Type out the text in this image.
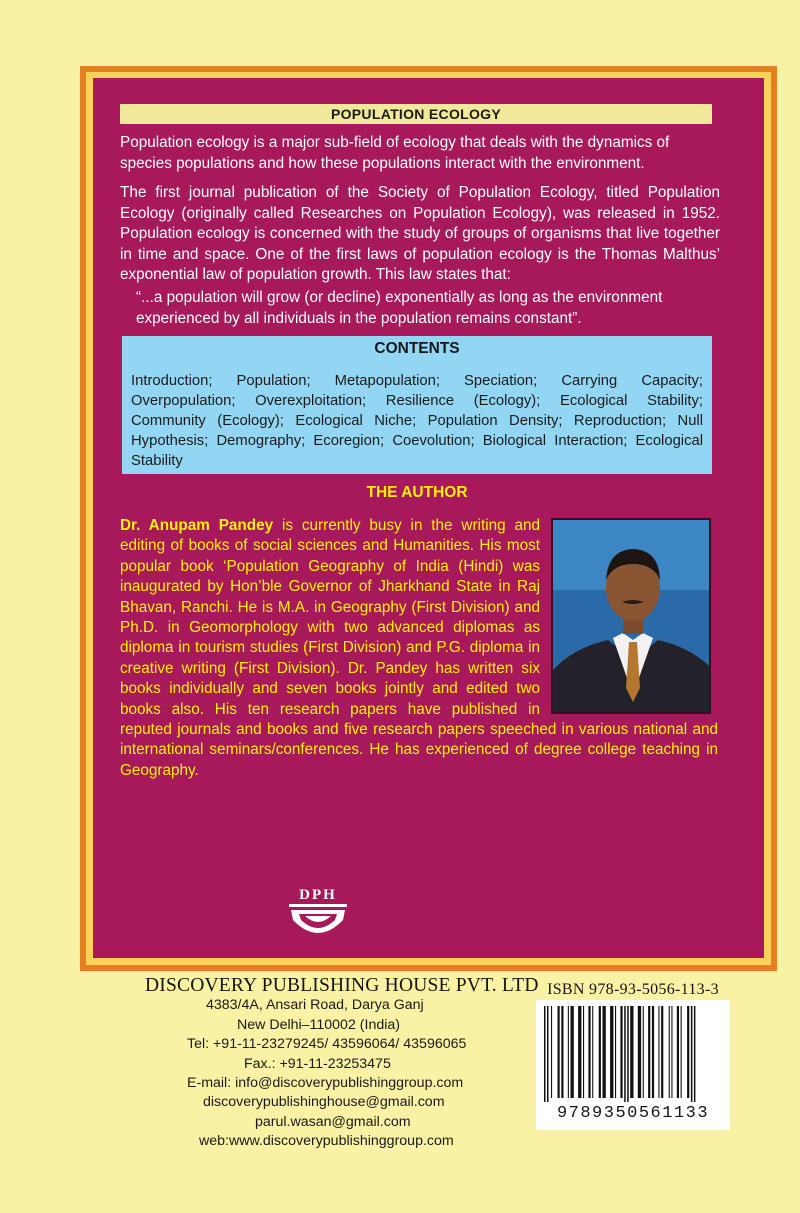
POPULATION ECOLOGY

Population ecology is a major sub-field of ecology that deals with the dynamics of species populations and how these populations interact with the environment.

The first journal publication of the Society of Population Ecology, titled Population Ecology (originally called Researches on Population Ecology), was released in 1952. Population ecology is concerned with the study of groups of organisms that live together in time and space. One of the first laws of population ecology is the Thomas Malthus’ exponential law of population growth. This law states that:

“...a population will grow (or decline) exponentially as long as the environment experienced by all individuals in the population remains constant”.

CONTENTS

Introduction; Population; Metapopulation; Speciation; Carrying Capacity; Overpopulation; Overexploitation; Resilience (Ecology); Ecological Stability; Community (Ecology); Ecological Niche; Population Density; Reproduction; Null Hypothesis; Demography; Ecoregion; Coevolution; Biological Interaction; Ecological Stability

THE AUTHOR
Dr. Anupam Pandey is currently busy in the writing and editing of books of social sciences and Humanities. His most popular book ‘Population Geography of India (Hindi) was inaugurated by Hon’ble Governor of Jharkhand State in Raj Bhavan, Ranchi. He is M.A. in Geography (First Division) and Ph.D. in Geomorphology with two advanced diplomas as diploma in tourism studies (First Division) and P.G. diploma in creative writing (First Division). Dr. Pandey has written six books individually and seven books jointly and edited two books also. His ten research papers have published in reputed journals and books and five research papers speeched in various national and international seminars/conferences. He has experienced of degree college teaching in Geography.
DPH
DISCOVERY PUBLISHING HOUSE PVT. LTD
4383/4A, Ansari Road, Darya Ganj
New Delhi–110002 (India)
Tel: +91-11-23279245/ 43596064/ 43596065
Fax.: +91-11-23253475
E-mail: info@discoverypublishinggroup.com
discoverypublishinghouse@gmail.com
parul.wasan@gmail.com
web:www.discoverypublishinggroup.com
ISBN 978-93-5056-113-3
9789350561133
